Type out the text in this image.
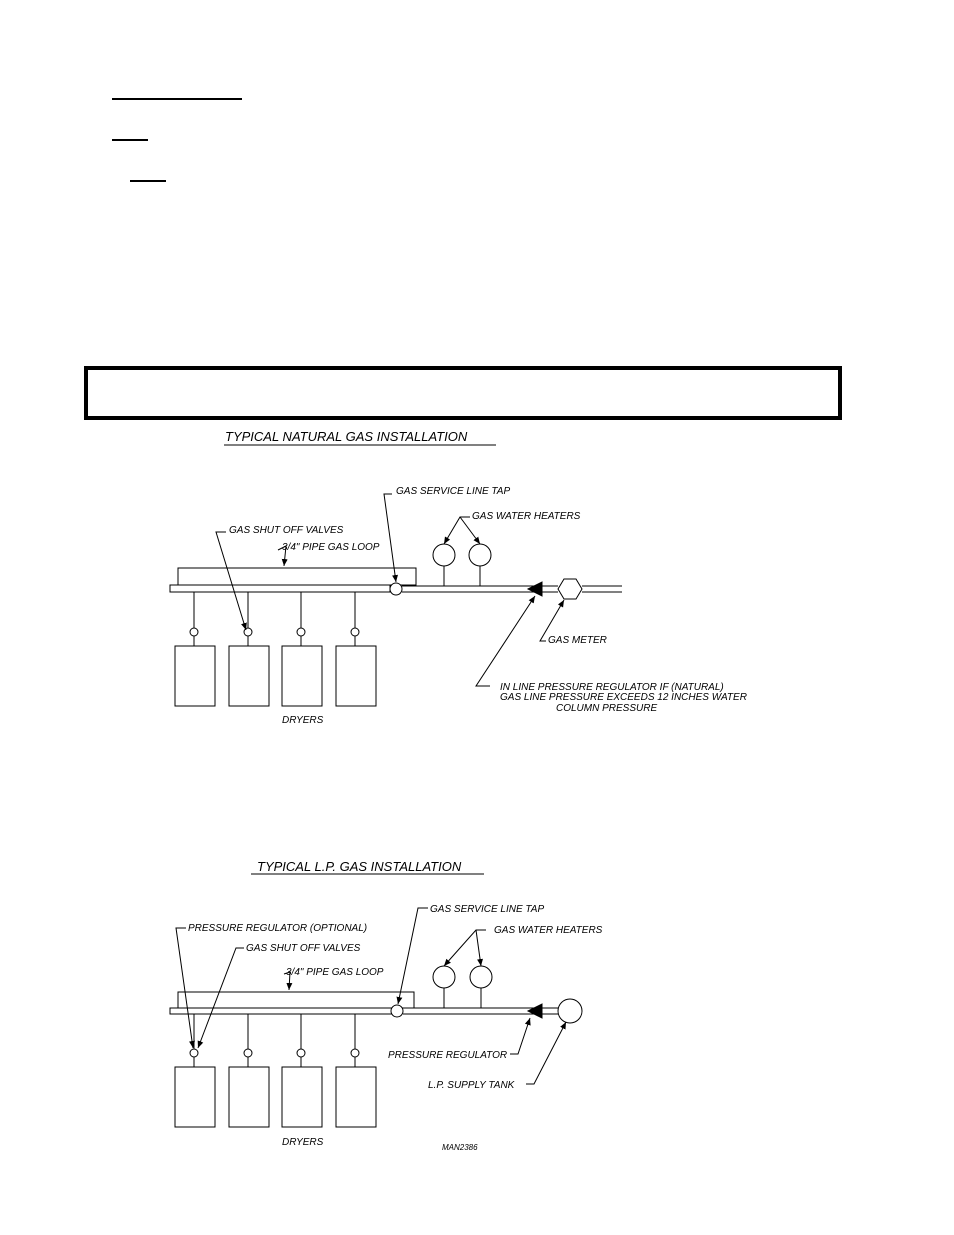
TYPICAL NATURAL GAS INSTALLATION
GAS SERVICE LINE TAP
GAS WATER HEATERS
GAS SHUT OFF VALVES
3/4" PIPE GAS LOOP
GAS METER
IN LINE PRESSURE REGULATOR IF (NATURAL)
GAS LINE PRESSURE EXCEEDS 12 INCHES WATER
COLUMN PRESSURE
DRYERS
TYPICAL L.P. GAS INSTALLATION
GAS SERVICE LINE TAP
GAS WATER HEATERS
PRESSURE REGULATOR (OPTIONAL)
GAS SHUT OFF VALVES
3/4" PIPE GAS LOOP
PRESSURE REGULATOR
L.P. SUPPLY TANK
DRYERS	MAN2386
